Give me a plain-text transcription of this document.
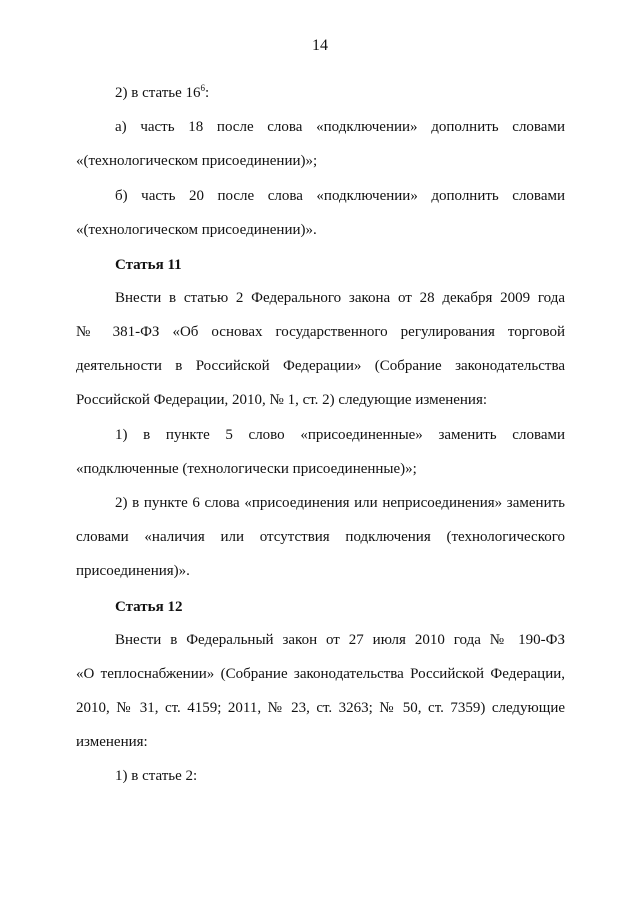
14
2) в статье $16^6$:
а) часть 18 после слова «подключении» дополнить словами
«(технологическом присоединении)»;
б) часть 20 после слова «подключении» дополнить словами
«(технологическом присоединении)».
Статья 11
Внести в статью 2 Федерального закона от 28 декабря 2009 года
№ 381-ФЗ «Об основах государственного регулирования торговой
деятельности в Российской Федерации» (Собрание законодательства
Российской Федерации, 2010, № 1, ст. 2) следующие изменения:
1) в пункте 5 слово «присоединенные» заменить словами
«подключенные (технологически присоединенные)»;
2) в пункте 6 слова «присоединения или неприсоединения» заменить
словами «наличия или отсутствия подключения (технологического
присоединения)».
Статья 12
Внести в Федеральный закон от 27 июля 2010 года № 190-ФЗ
«О теплоснабжении» (Собрание законодательства Российской Федерации,
2010, № 31, ст. 4159; 2011, № 23, ст. 3263; № 50, ст. 7359) следующие
изменения:
1) в статье 2:
